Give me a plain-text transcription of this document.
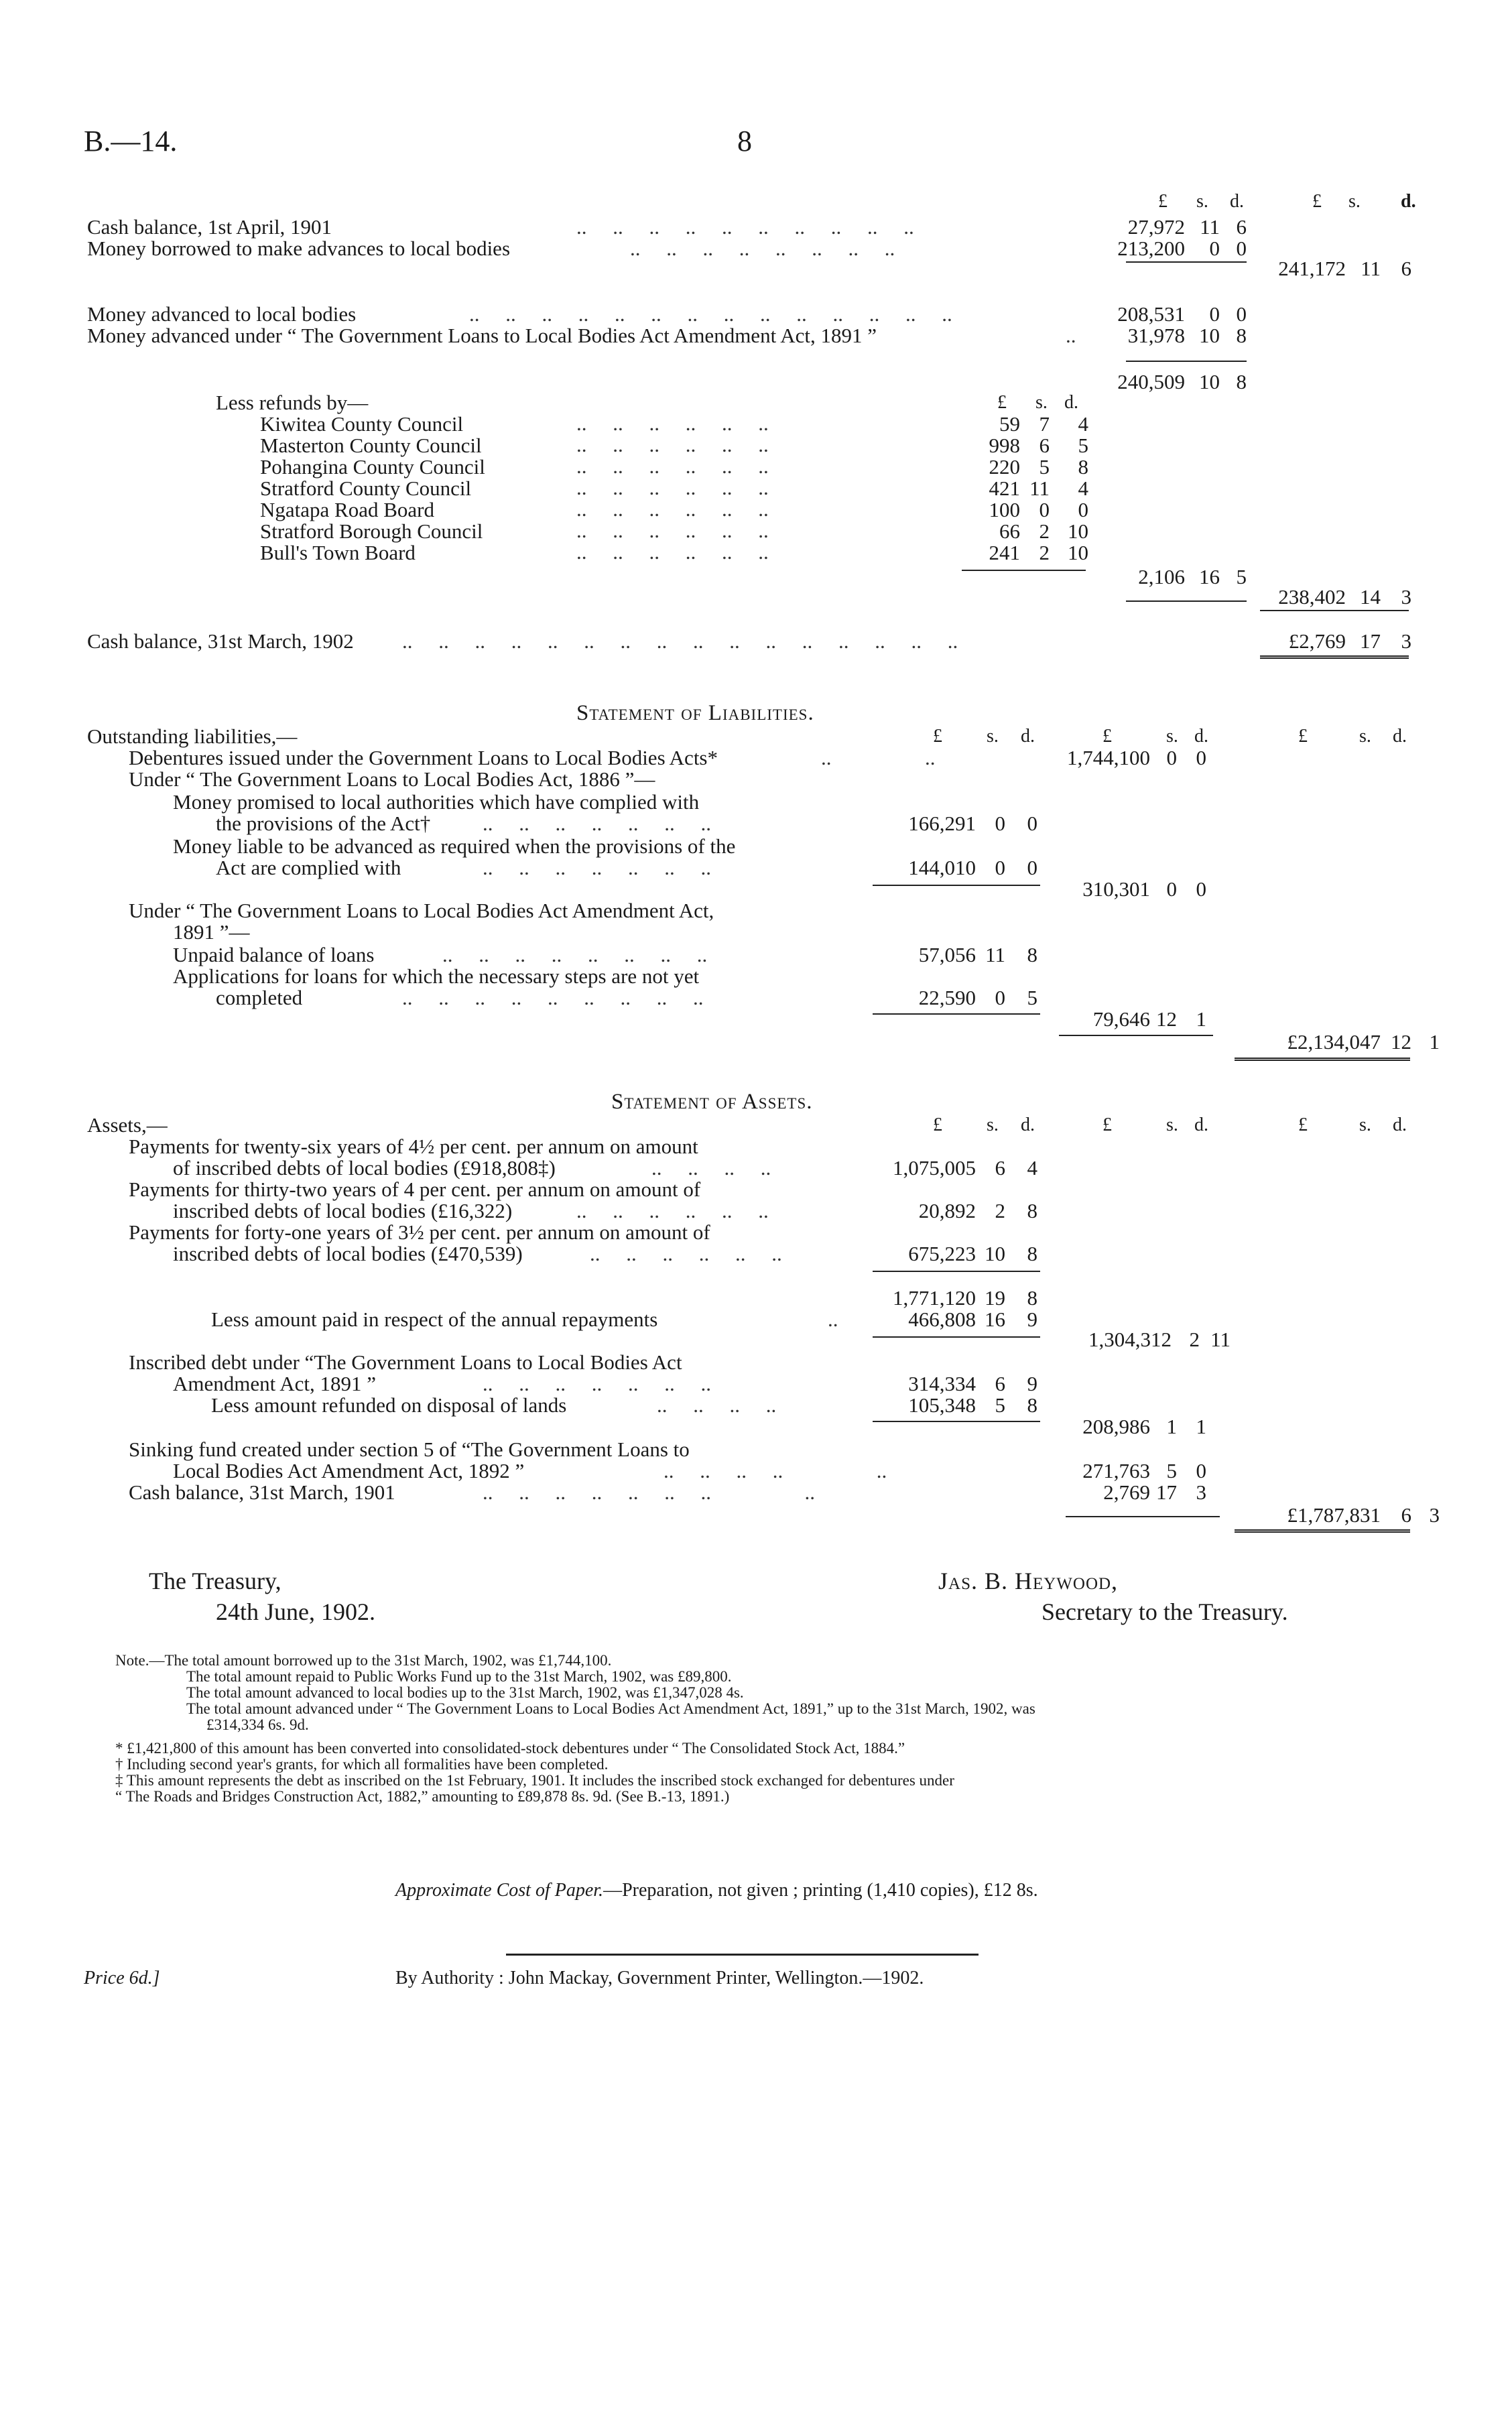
B.—14.	8
£ s. d.	£ s. d.
Cash balance, 1st April, 1901	..     ..     ..     ..     ..     ..     ..     ..     ..     ..	27,972 11 6
Money borrowed to make advances to local bodies	..     ..     ..     ..     ..     ..     ..     ..	213,200 0 0
241,172 11 6
Money advanced to local bodies	..     ..     ..     ..     ..     ..     ..     ..     ..     ..     ..     ..     ..     ..	208,531 0 0
Money advanced under “ The Government Loans to Local Bodies Act Amendment Act, 1891 ”	.. 31,978 10 8
240,509 10 8
Less refunds by—	£ s. d.
Kiwitea County Council	59 7 4
Masterton County Council	998 6 5
Pohangina County Council	220 5 8
Stratford County Council	421 11 4
Ngatapa Road Board	100 0 0
Stratford Borough Council	66 2 10
Bull's Town Board	241 2 10
..     ..     ..     ..     ..     ..
..     ..     ..     ..     ..     ..
..     ..     ..     ..     ..     ..
..     ..     ..     ..     ..     ..
..     ..     ..     ..     ..     ..
..     ..     ..     ..     ..     ..
..     ..     ..     ..     ..     ..
2,106 16 5
238,402 14 3
Cash balance, 31st March, 1902 ..     ..     ..     ..     ..     ..     ..     ..     ..     ..     ..     ..     ..     ..     ..     ..	£2,769 17 3
Statement of Liabilities.
Outstanding liabilities,—	£ s. d.	£	s. d.	£	s. d.
Debentures issued under the Government Loans to Local Bodies Acts*	..                  ..	1,744,100 0 0
Under “ The Government Loans to Local Bodies Act, 1886 ”—
Money promised to local authorities which have complied with
the provisions of the Act†	..     ..     ..     ..     ..     ..     ..	166,291 0 0
Money liable to be advanced as required when the provisions of the
Act are complied with	..     ..     ..     ..     ..     ..     ..	144,010 0 0
310,301 0 0
Under “ The Government Loans to Local Bodies Act Amendment Act,
1891 ”—
Unpaid balance of loans	..     ..     ..     ..     ..     ..     ..     ..	57,056 11 8
Applications for loans for which the necessary steps are not yet
completed	..     ..     ..     ..     ..     ..     ..     ..     ..	22,590 0 5
79,646 12 1
£2,134,047 12 1
Statement of Assets.
Assets,—	£ s. d.	£	s. d.	£	s. d.
Payments for twenty-six years of 4½ per cent. per annum on amount
of inscribed debts of local bodies (£918,808‡)	..     ..     ..     ..	1,075,005 6 4
Payments for thirty-two years of 4 per cent. per annum on amount of
inscribed debts of local bodies (£16,322)	..     ..     ..     ..     ..     ..	20,892 2 8
Payments for forty-one years of 3½ per cent. per annum on amount of
inscribed debts of local bodies (£470,539)	..     ..     ..     ..     ..     ..	675,223 10 8
1,771,120 19 8
Less amount paid in respect of the annual repayments	..	466,808 16 9
1,304,312 2 11
Inscribed debt under “The Government Loans to Local Bodies Act
Amendment Act, 1891 ”	..     ..     ..     ..     ..     ..     ..	314,334 6 9
Less amount refunded on disposal of lands	..     ..     ..     ..	105,348 5 8
208,986 1 1
Sinking fund created under section 5 of “The Government Loans to
Local Bodies Act Amendment Act, 1892 ”	..     ..     ..     ..                  ..	271,763 5 0
Cash balance, 31st March, 1901	..     ..     ..     ..     ..     ..     ..                  ..	2,769 17 3
£1,787,831 6 3
The Treasury,
24th June, 1902.
Jas. B. Heywood,
Secretary to the Treasury.
Note.—The total amount borrowed up to the 31st March, 1902, was £1,744,100.
The total amount repaid to Public Works Fund up to the 31st March, 1902, was £89,800.
The total amount advanced to local bodies up to the 31st March, 1902, was £1,347,028 4s.
The total amount advanced under “ The Government Loans to Local Bodies Act Amendment Act, 1891,” up to the 31st March, 1902, was
£314,334 6s. 9d.
* £1,421,800 of this amount has been converted into consolidated-stock debentures under “ The Consolidated Stock Act, 1884.”
† Including second year's grants, for which all formalities have been completed.
‡ This amount represents the debt as inscribed on the 1st February, 1901. It includes the inscribed stock exchanged for debentures under
“ The Roads and Bridges Construction Act, 1882,” amounting to £89,878 8s. 9d. (See B.-13, 1891.)
Approximate Cost of Paper.—Preparation, not given ; printing (1,410 copies), £12 8s.
Price 6d.]	By Authority : John Mackay, Government Printer, Wellington.—1902.
